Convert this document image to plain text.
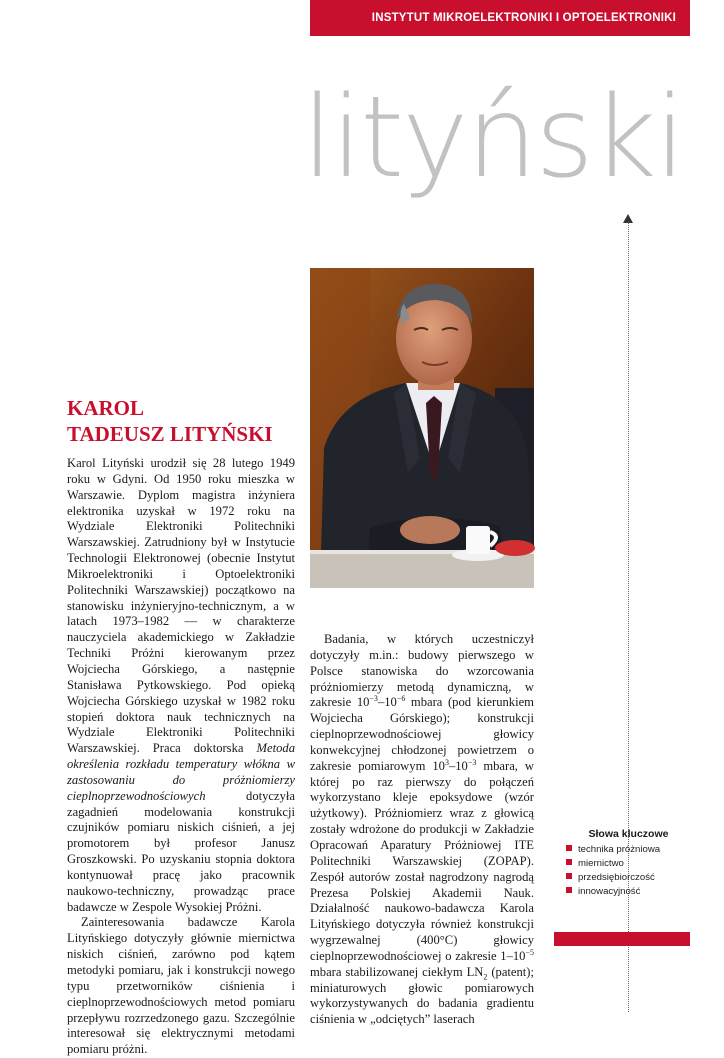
INSTYTUT MIKROELEKTRONIKI I OPTOELEKTRONIKI
lityński
KAROL
TADEUSZ LITYŃSKI

Karol Lityński urodził się 28 lutego 1949 roku w Gdyni. Od 1950 roku mieszka w Warszawie. Dyplom magistra inżyniera elektronika uzyskał w 1972 roku na Wydziale Elektroniki Politechniki Warszawskiej. Zatrudniony był w Instytucie Technologii Elektronowej (obecnie Instytut Mikroelektroniki i Optoelektroniki Politechniki Warszawskiej) początkowo na stanowisku inżynieryjno-technicznym, a w latach 1973–1982 — w charakterze nauczyciela akademickiego w Zakładzie Techniki Próżni kierowanym przez Wojciecha Górskiego, a następnie Stanisława Pytkowskiego. Pod opieką Wojciecha Górskiego uzyskał w 1982 roku stopień doktora nauk technicznych na Wydziale Elektroniki Politechniki Warszawskiej. Praca doktorska Metoda określenia rozkładu temperatury włókna w zastosowaniu do próżniomierzy cieplnoprzewodnościowych dotyczyła zagadnień modelowania konstrukcji czujników pomiaru niskich ciśnień, a jej promotorem był profesor Janusz Groszkowski. Po uzyskaniu stopnia doktora kontynuował pracę jako pracownik naukowo-techniczny, prowadząc prace badawcze w Zespole Wysokiej Próżni.

Zainteresowania badawcze Karola Lityńskiego dotyczyły głównie miernictwa niskich ciśnień, zarówno pod kątem metodyki pomiaru, jak i konstrukcji nowego typu przetworników ciśnienia i cieplnoprzewodnościowych metod pomiaru przepływu rozrzedzonego gazu. Szczególnie interesował się elektrycznymi metodami pomiaru próżni.

Badania, w których uczestniczył dotyczyły m.in.: budowy pierwszego w Polsce stanowiska do wzorcowania próżniomierzy metodą dynamiczną, w zakresie $10^{-3}-10^{-6}$ mbara (pod kierunkiem Wojciecha Górskiego); konstrukcji cieplnoprzewodnościowej głowicy konwekcyjnej chłodzonej powietrzem o zakresie pomiarowym $10^3-10^{-3}$ mbara, w której po raz pierwszy do połączeń wykorzystano kleje epoksydowe (wzór użytkowy). Próżniomierz wraz z głowicą zostały wdrożone do produkcji w Zakładzie Opracowań Aparatury Próżniowej ITE Politechniki Warszawskiej (ZOPAP). Zespół autorów został nagrodzony nagrodą Prezesa Polskiej Akademii Nauk. Działalność naukowo-badawcza Karola Lityńskiego dotyczyła również konstrukcji wygrzewalnej (400°C) głowicy cieplnoprzewodnościowej o zakresie $1-10^{-5}$ mbara stabilizowanej ciekłym $LN_2$ (patent); miniaturowych głowic pomiarowych wykorzystywanych do badania gradientu ciśnienia w „odciętych” laserach

Słowa kluczowe
technika próżniowa
miernictwo
przedsiębiorczość
innowacyjność
